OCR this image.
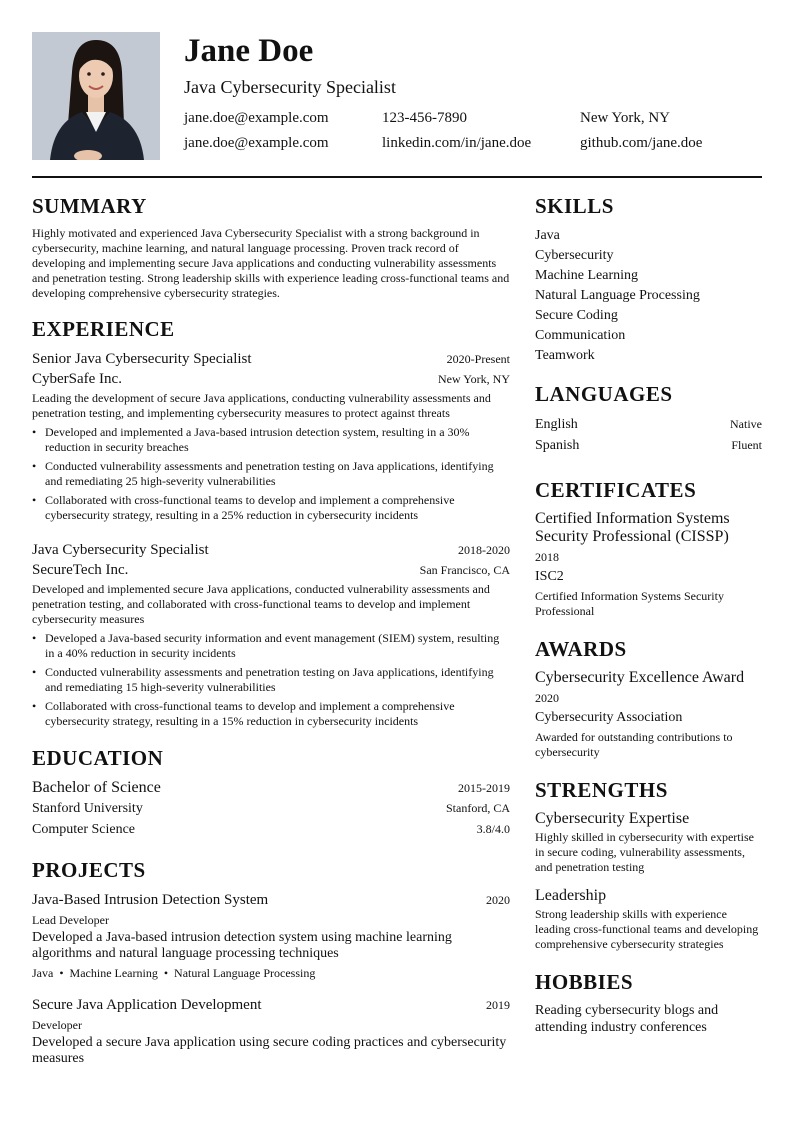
Jane Doe
Java Cybersecurity Specialist
jane.doe@example.com	123-456-7890	New York, NY
jane.doe@example.com	linkedin.com/in/jane.doe	github.com/jane.doe
SUMMARY

Highly motivated and experienced Java Cybersecurity Specialist with a strong background in cybersecurity, machine learning, and natural language processing. Proven track record of developing and implementing secure Java applications and conducting vulnerability assessments and penetration testing. Strong leadership skills with experience leading cross-functional teams and developing comprehensive cybersecurity strategies.

EXPERIENCE
Senior Java Cybersecurity Specialist	2020-Present
CyberSafe Inc.	New York, NY
Leading the development of secure Java applications, conducting vulnerability assessments and penetration testing, and implementing cybersecurity measures to protect against threats
• Developed and implemented a Java-based intrusion detection system, resulting in a 30% reduction in security breaches
• Conducted vulnerability assessments and penetration testing on Java applications, identifying and remediating 25 high-severity vulnerabilities
• Collaborated with cross-functional teams to develop and implement a comprehensive cybersecurity strategy, resulting in a 25% reduction in cybersecurity incidents
Java Cybersecurity Specialist	2018-2020
SecureTech Inc.	San Francisco, CA
Developed and implemented secure Java applications, conducted vulnerability assessments and penetration testing, and collaborated with cross-functional teams to develop and implement cybersecurity measures
• Developed a Java-based security information and event management (SIEM) system, resulting in a 40% reduction in security incidents
• Conducted vulnerability assessments and penetration testing on Java applications, identifying and remediating 15 high-severity vulnerabilities
• Collaborated with cross-functional teams to develop and implement a comprehensive cybersecurity strategy, resulting in a 15% reduction in cybersecurity incidents
EDUCATION
Bachelor of Science	2015-2019
Stanford University	Stanford, CA
Computer Science	3.8/4.0
PROJECTS
Java-Based Intrusion Detection System	2020
Lead Developer
Developed a Java-based intrusion detection system using machine learning algorithms and natural language processing techniques
Java • Machine Learning • Natural Language Processing
Secure Java Application Development	2019
Developer
Developed a secure Java application using secure coding practices and cybersecurity measures
SKILLS
Java
Cybersecurity
Machine Learning
Natural Language Processing
Secure Coding
Communication
Teamwork
LANGUAGES
English	Native
Spanish	Fluent
CERTIFICATES
Certified Information Systems Security Professional (CISSP)
2018
ISC2
Certified Information Systems Security Professional
AWARDS
Cybersecurity Excellence Award
2020
Cybersecurity Association
Awarded for outstanding contributions to cybersecurity
STRENGTHS
Cybersecurity Expertise
Highly skilled in cybersecurity with expertise in secure coding, vulnerability assessments, and penetration testing
Leadership
Strong leadership skills with experience leading cross-functional teams and developing comprehensive cybersecurity strategies
HOBBIES
Reading cybersecurity blogs and attending industry conferences
